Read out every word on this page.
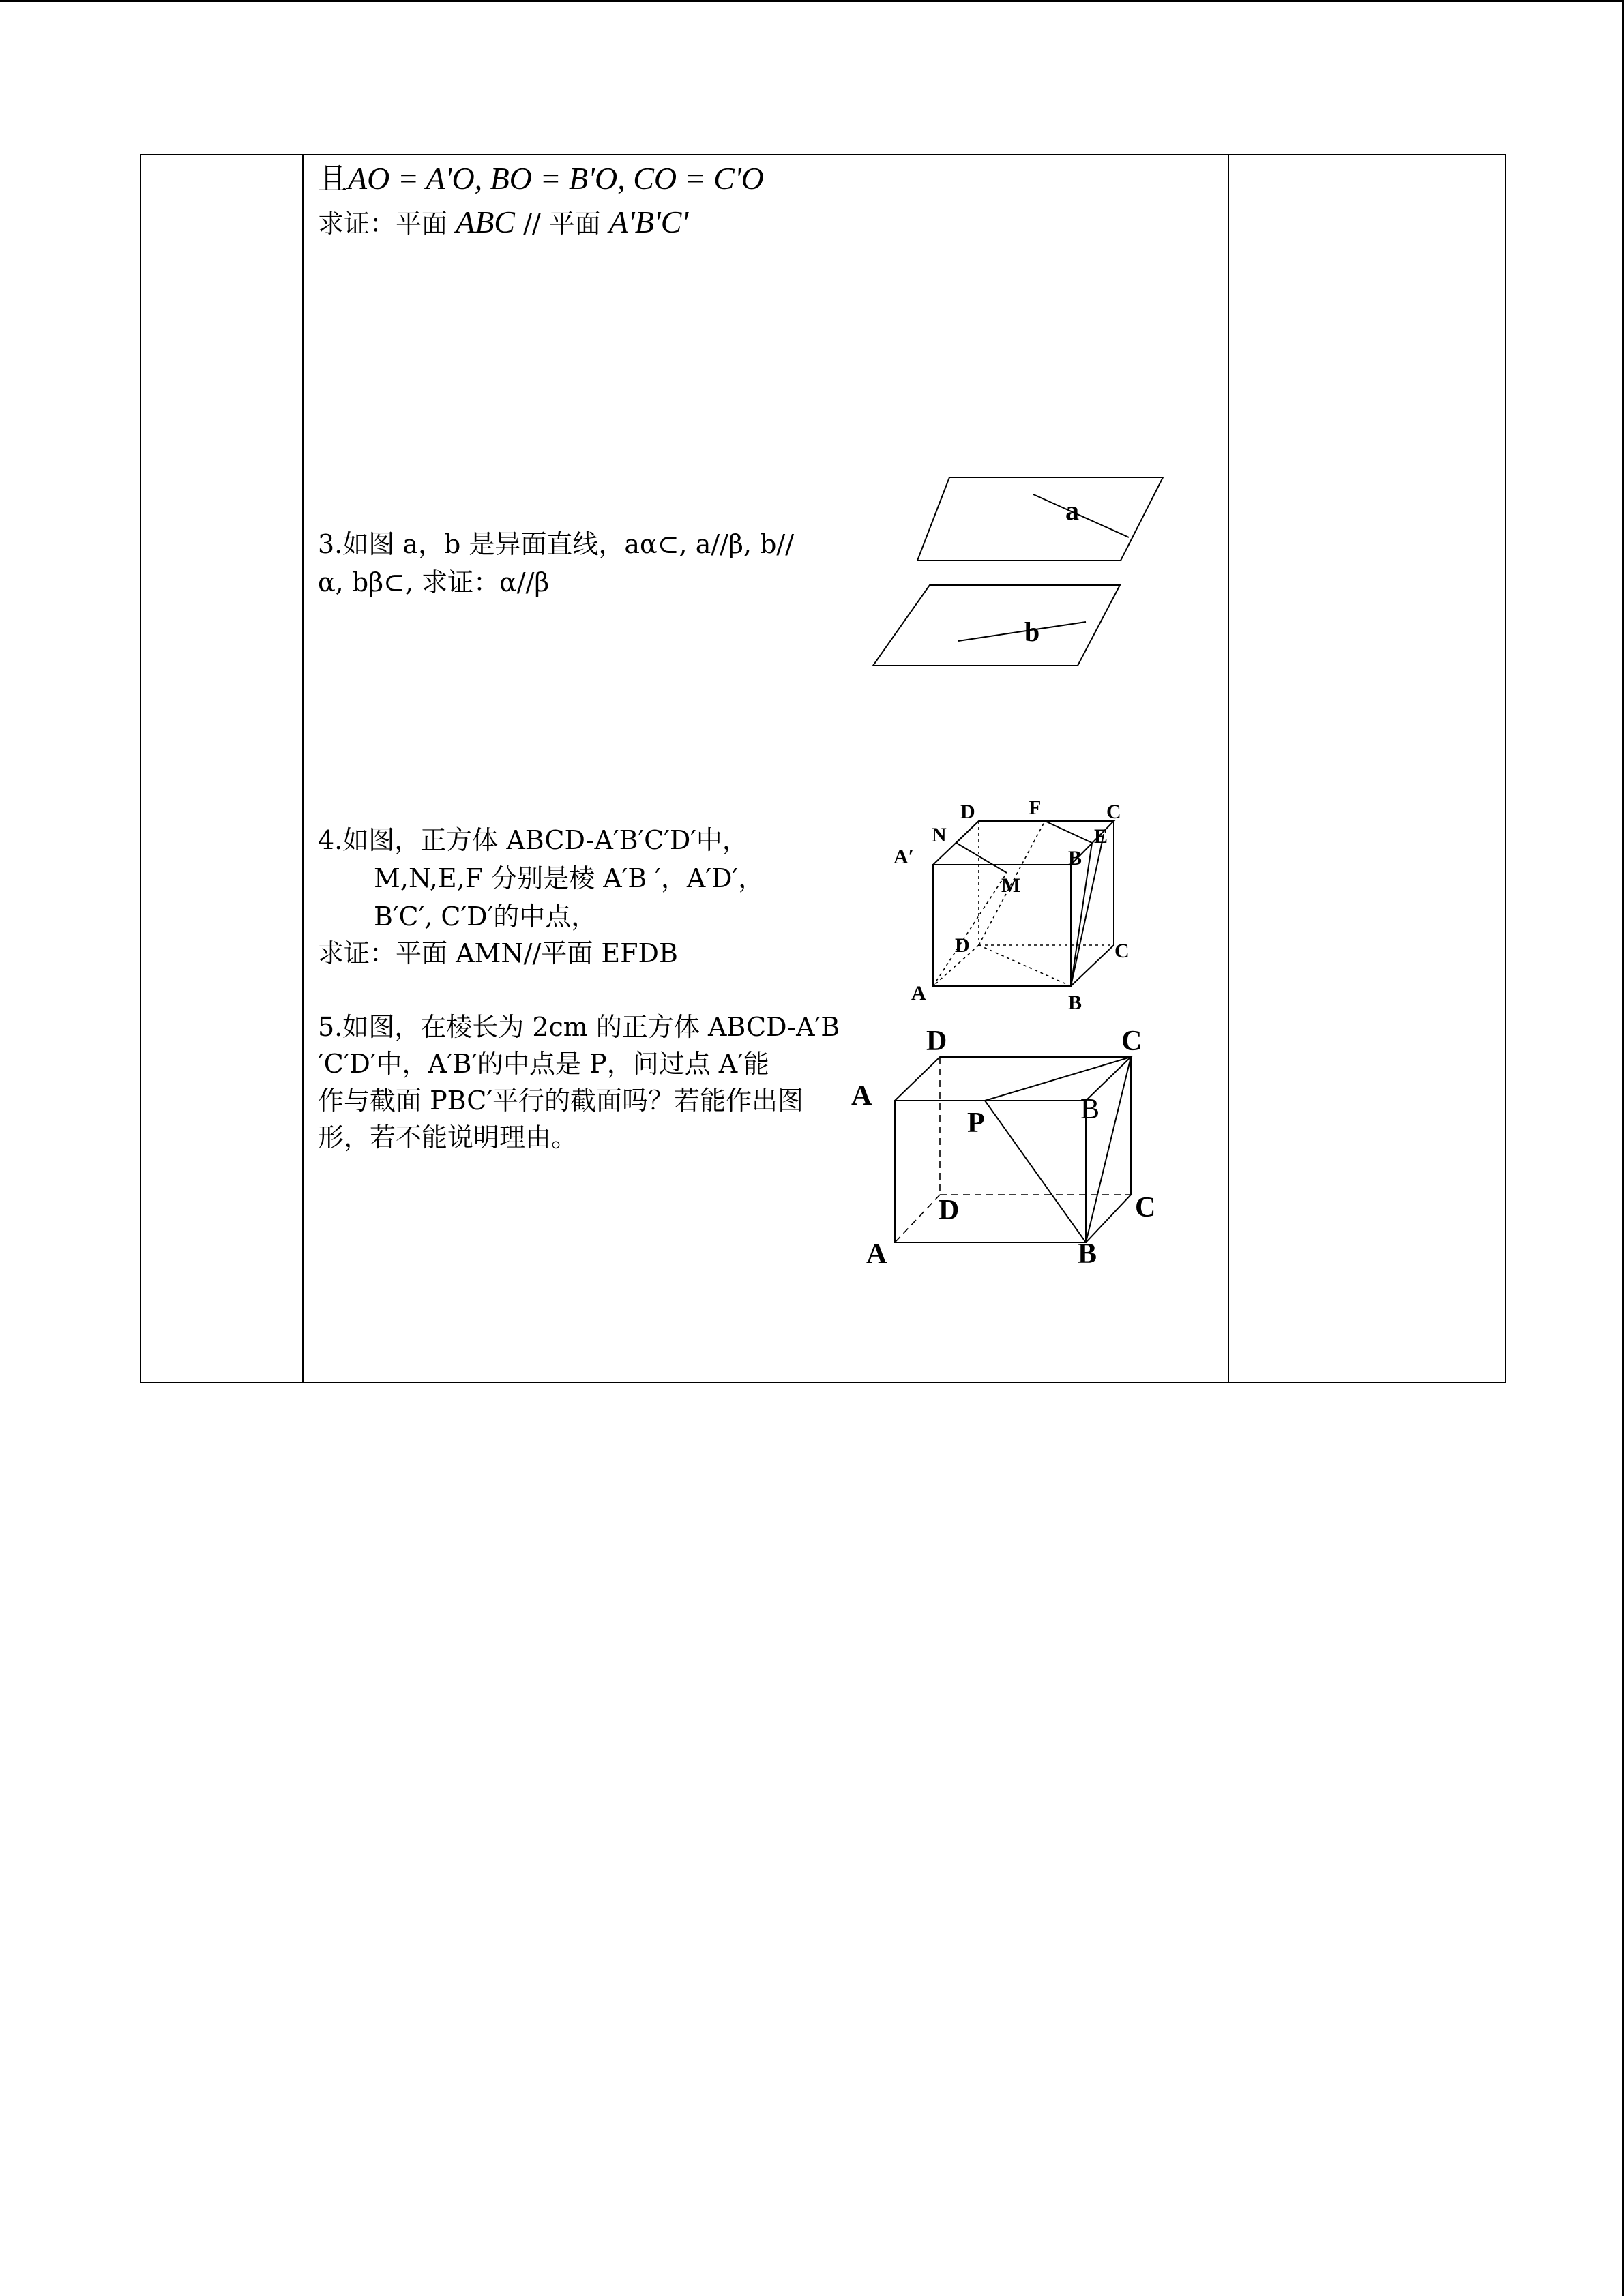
且AO = A'O, BO = B'O, CO = C'O
求证：平面 ABC // 平面 A'B'C'
3.如图 a，b 是异面直线，aα⊂, a//β, b//
α, bβ⊂, 求证：α//β
a
b
4.如图，正方体 ABCD-A′B′C′D′中，
M,N,E,F 分别是棱 A′B ′，A′D′，
B′C′, C′D′的中点，
求证：平面 AMN//平面 EFDB
D	F	C
N	E
A′	B
M
D	C
A	B
5.如图，在棱长为 2cm 的正方体 ABCD-A′B
′C′D′中，A′B′的中点是 P，问过点 A′能
作与截面 PBC′平行的截面吗？若能作出图
形，若不能说明理由。
D	C
A
P	B
D	C
A	B
